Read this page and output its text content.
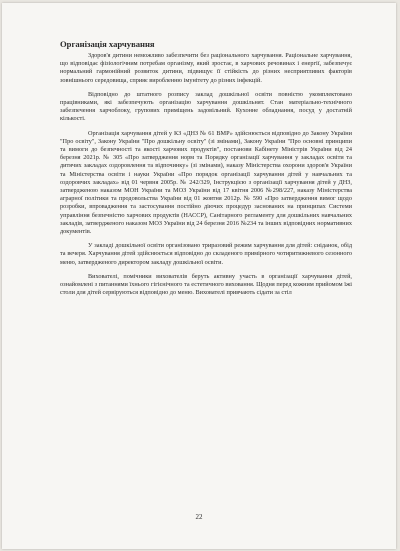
Організація харчування

Здоров'я дитини неможливо забезпечити без раціонального харчування. Раціональне харчування, що відповідає фізіологічним потребам організму, який зростає, в харчових речовинах і енергії, забезпечує нормальний гармонійний розвиток дитини, підвищує її стійкість до різних несприятливих факторів зовнішнього середовища, сприяє виробленню імунітету до різних інфекцій.

Відповідно до штатного розпису заклад дошкільної освіти повністю укомплектовано працівниками, які забезпечують організацію харчування дошкільнят. Стан матеріально-технічного забезпечення харчоблоку, групових приміщень задовільний. Кухонне обладнання, посуд у достатній кількості.

Організація харчування дітей у КЗ «ДНЗ № 61 ВМР» здійснюється відповідно до Закону України "Про освіту", Закону України "Про дошкільну освіту" (зі змінами), Закону України "Про основні принципи та вимоги до безпечності та якості харчових продуктів", постанови Кабінету Міністрів України від 24 березня 2021р. № 305 «Про затвердження норм та Порядку організації харчування у закладах освіти та дитячих закладах оздоровлення та відпочинку» (зі змінами), наказу Міністерства охорони здоров'я України та Міністерства освіти і науки України «Про порядок організації харчування дітей у навчальних та оздоровчих закладах» від 01 червня 2005р. № 242/329, Інструкцією з організації харчування дітей у ДНЗ, затвердженою наказом МОН України та МОЗ України від 17 квітня 2006 №298/227, наказу Міністерства аграрної політики та продовольства України від 01 жовтня 2012р. № 590 «Про затвердження вимог щодо розробки, впровадження та застосування постійно діючих процедур заснованих на принципах Системи управління безпечністю харчових продуктів (НАССР), Санітарного регламенту для дошкільних навчальних закладів, затвердженого наказом МОЗ України від 24 березня 2016 №234 та інших відповідних нормативних документів.

У закладі дошкільної освіти організовано триразовий режим харчування для дітей: сніданок, обід та вечеря. Харчування дітей здійснюється відповідно до складеного примірного чотиритижневого сезонного меню, затвердженого директором закладу дошкільної освіти.

Вихователі, помічники вихователів беруть активну участь в організації харчування дітей, ознайомлені з питаннями їхнього гігієнічного та естетичного виховання. Щодня перед кожним прийомом їжі столи для дітей сервіруються відповідно до меню. Вихователі привчають сідати за стіл

22
